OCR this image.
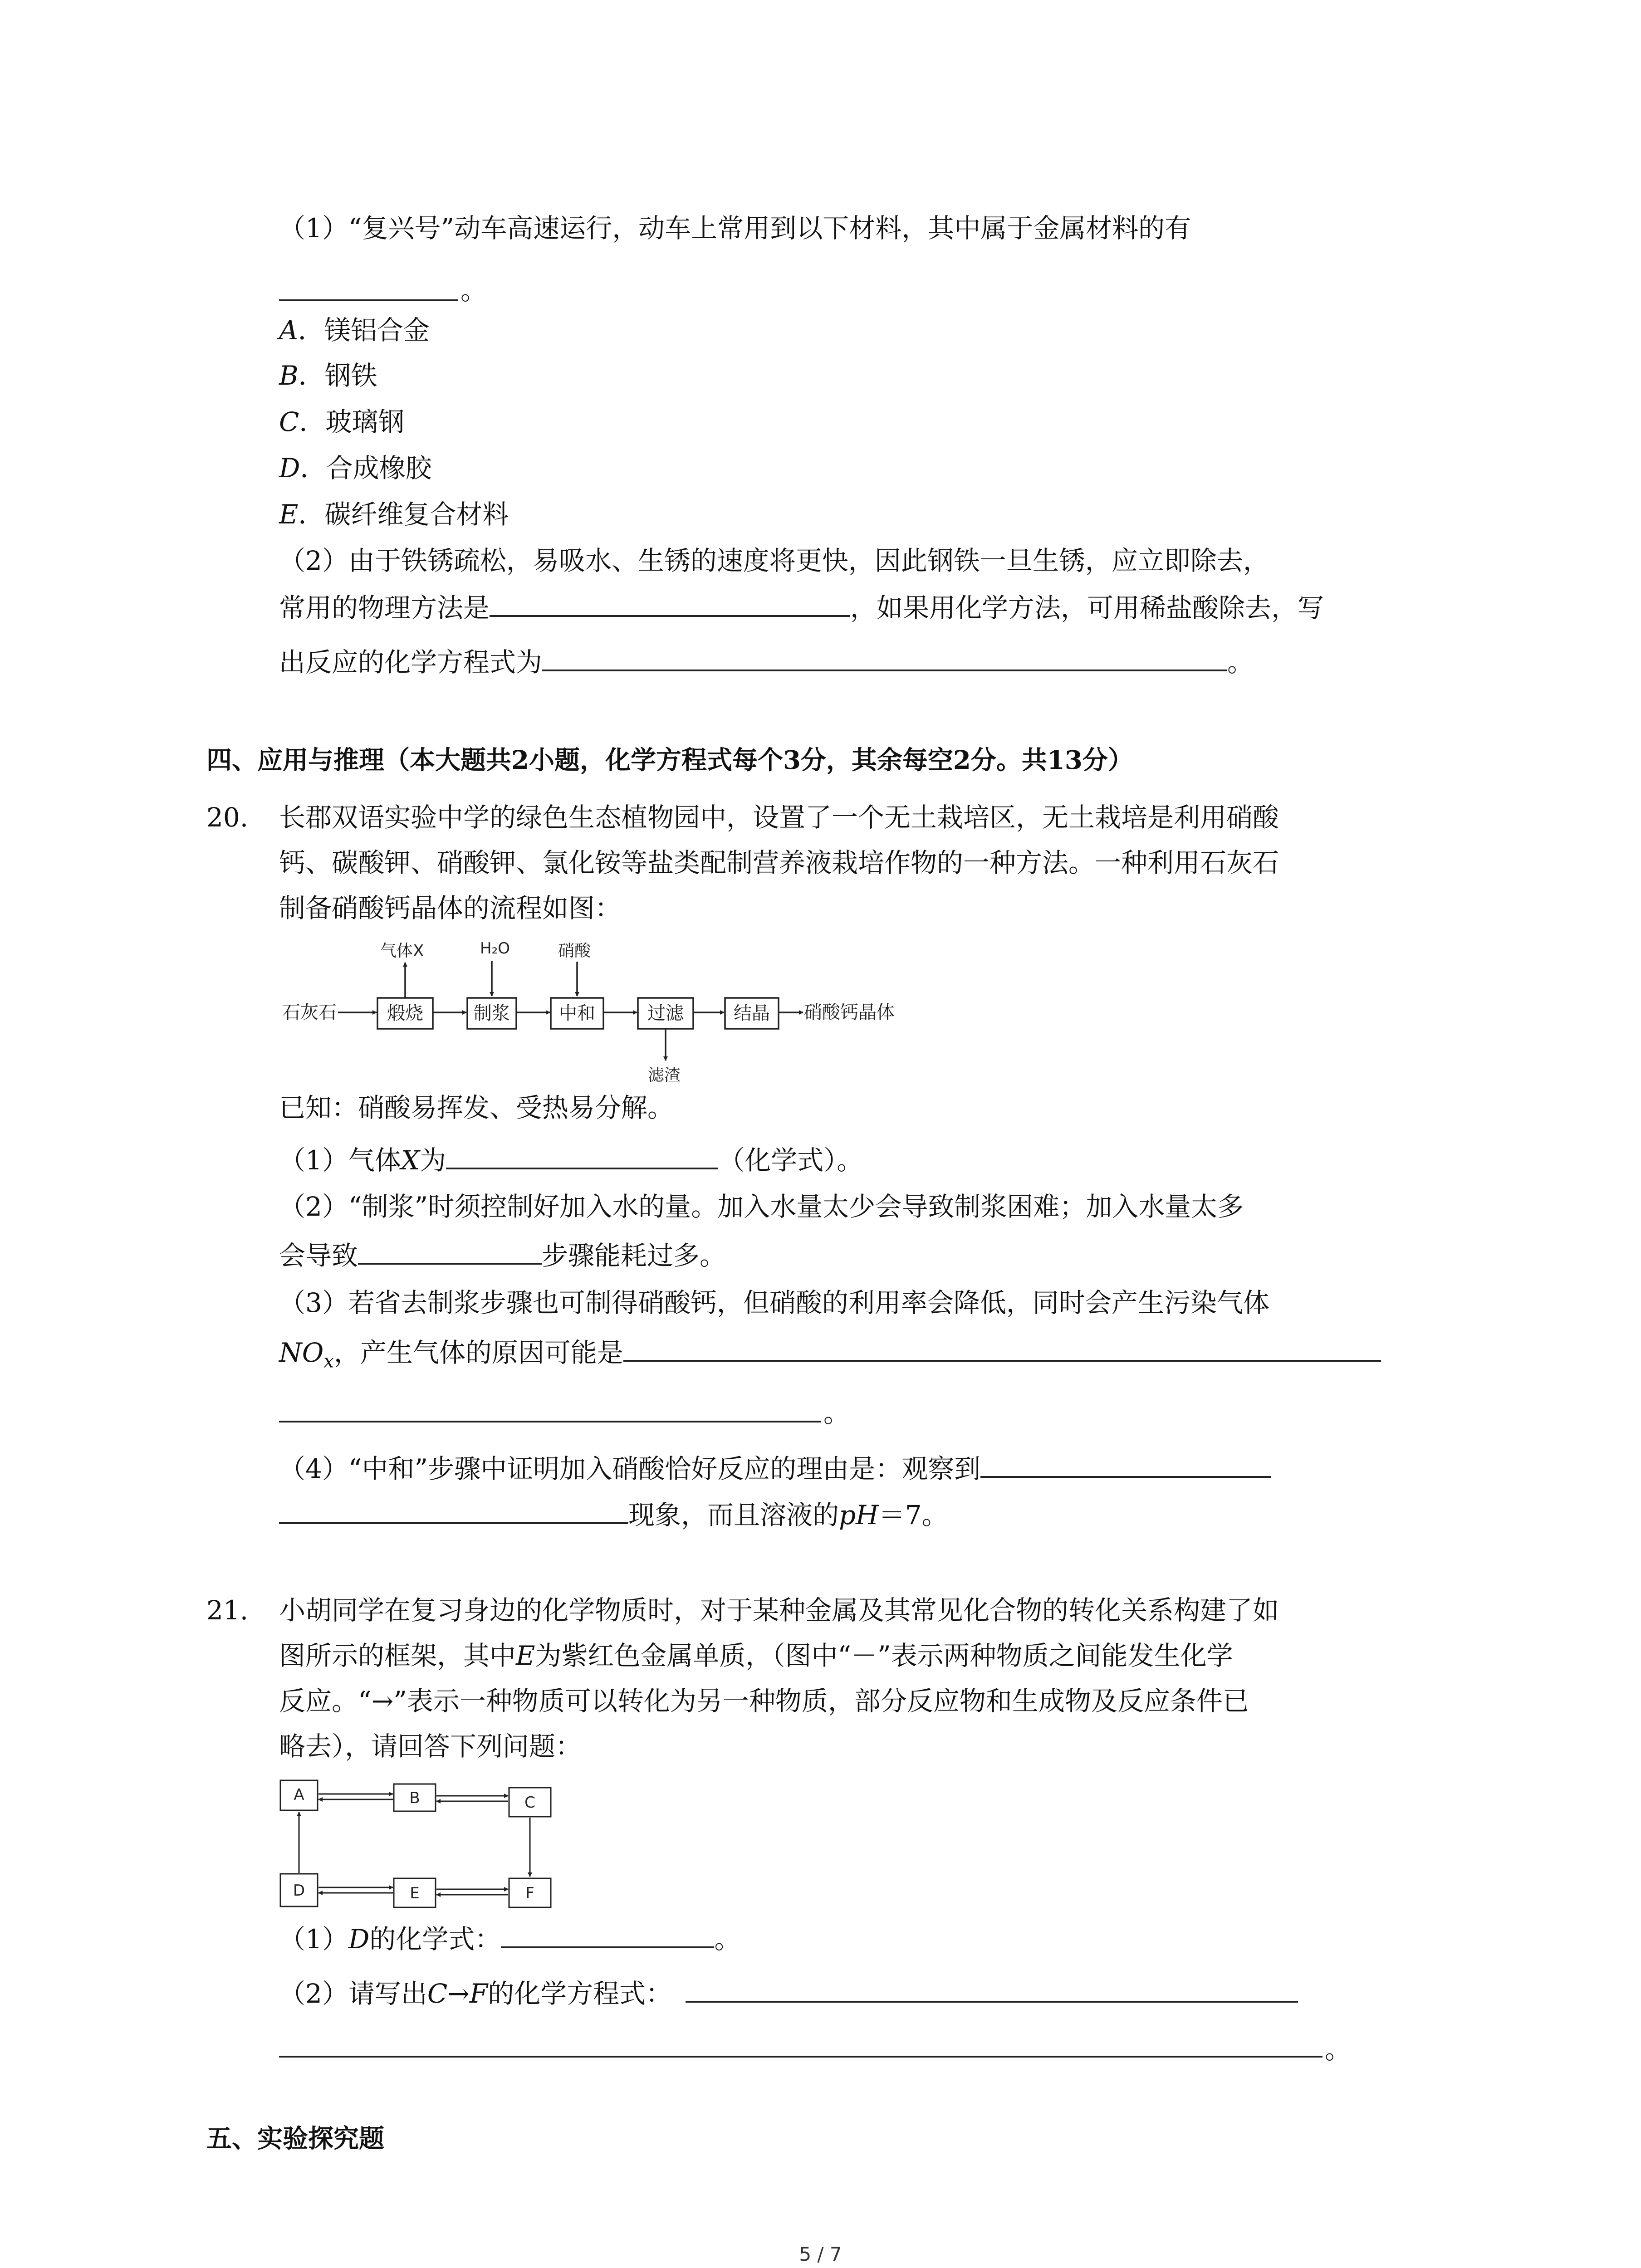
（1）“复兴号”动车高速运行，动车上常用到以下材料，其中属于金属材料的有
。
A．镁铝合金
B．钢铁
C．玻璃钢
D．合成橡胶
E．碳纤维复合材料
（2）由于铁锈疏松，易吸水、生锈的速度将更快，因此钢铁一旦生锈，应立即除去，
常用的物理方法是	，如果用化学方法，可用稀盐酸除去，写
出反应的化学方程式为	。
四、应用与推理（本大题共2小题，化学方程式每个3分，其余每空2分。共13分）
20. 长郡双语实验中学的绿色生态植物园中，设置了一个无土栽培区，无土栽培是利用硝酸
钙、碳酸钾、硝酸钾、氯化铵等盐类配制营养液栽培作物的一种方法。一种利用石灰石
制备硝酸钙晶体的流程如图：
石灰石	煅烧	制浆	中和	过滤	结晶 硝酸钙晶体
气体X	H₂O	硝酸
滤渣
已知：硝酸易挥发、受热易分解。
（1）气体X为	（化学式）。
（2）“制浆”时须控制好加入水的量。加入水量太少会导致制浆困难；加入水量太多
会导致	步骤能耗过多。
（3）若省去制浆步骤也可制得硝酸钙，但硝酸的利用率会降低，同时会产生污染气体
$NO_x$，产生气体的原因可能是
。
（4）“中和”步骤中证明加入硝酸恰好反应的理由是：观察到
现象，而且溶液的pH＝7。
21. 小胡同学在复习身边的化学物质时，对于某种金属及其常见化合物的转化关系构建了如
图所示的框架，其中E为紫红色金属单质，（图中“－”表示两种物质之间能发生化学
反应。“→”表示一种物质可以转化为另一种物质，部分反应物和生成物及反应条件已
略去），请回答下列问题：
A	B	C
D	E	F
（1）D的化学式：	。
（2）请写出C→F的化学方程式：
。
五、实验探究题
5 / 7
